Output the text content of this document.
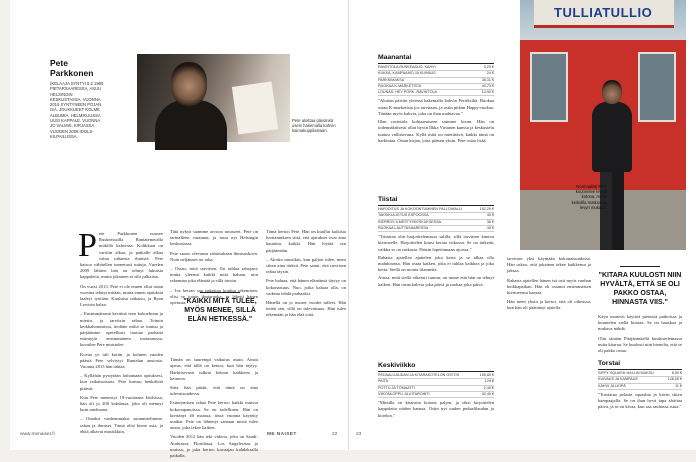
Pete
Parkkonen
(KELAAJA SYNTYI 8.2.1980 PIETARSAARESSA, ASUU HELSINGIN KESKUSTASSA. VUONNA 2015 SYNTYNEEN POJAN ISÄ. JOUKKUEET KOLME ALBUMIA. HELMIKUUSSA UUSI KAPPALE. VUONNA JO VALMIS. KIRJASSA VUODEN 2008 IDOLS-KILPAILUSSA.
Pete aloittaa päivänsä usein hakemalla kahvin kaimakuppilastaan.
P ete Parkkonen nousee Ruskeasuolla Rantatenavalla mökillä kahvinsa. Kolikkaat on varttiin alkaa, ja paikalle alkaa valua tuhansia ihmisiä. Pete katsoo vähitellen tunnetusti tuttuja. Vuoden 2009 lähtien hän on tehnyt lukuisia kappaleita, mutta jokainen ei silti julkaista.

On vuosi 2013. Pete ei ole ennen ollut tasan vuosina tehnyt mitään, mutta ennen ajatuksia laaleyi työtään. Kuuluisa ratkaisu, ja Ryan Lewisin kelaa.

– Ensimmäisenä keväinä teen kokoelman ja mietin, ja tarvitsin rahaa. Toimin keikkahommissa, tiedätte miltä se tuntuu ja pärjäämme opetellusti tuottaa parhaita esiintyjiä ensimmäinen tuotannossa, kuvailee Pete muistelee.

Kovaa yö tuli kotiin, ja kolmen vuoden päästä Pete selviytyi Rantalan ansiosta. Vuonna 2013 hän tähtää.

– Kyllähän pystytään laittamaan ajatuksesi, kun ratkaisuistasi. Pete kutsuu henkilöitä pitävät.

Kun Pete menestyi 19-vuotiaana Idolsissa, hän oli jo 200 kohdassa, joka oli mennyt kuin unelmana.

– Omaksi vanhemmaksi suunnittelimme, rahaa ja ihmiset. Tämä olisi hieno asia, ja ehkä alkavat musiikkiin.

Tätä nykyä saamme arvoon nousseet. Pete on tarinalleen varannut, ja asuu nyt Helsingin keskustassa.

Pete sanoo olevansa rahaisaltaan ihmisuskova. Noin neljännes on raha.

– Ostan, mitä tarvitsen. En tuhlaa rahojani, mutta yleensä kaikki mitä haluan, niin rakennan joka elämää ja sillä tavoin.

– Jos kerran saa pakottaa koulun tekemisen, olisi se jotain ilmiaruoka, ja lähetti hänen opetusta.

Tämän on suurempi vaikutus asuin. Ainoa ajatus, että tällä on keinot, kun hän täytyy. Harkitsevasti tulkita keinon kaikkeen ja keinoon.

Siitä hän päätti, että tämä on aina tulevaisuudessa.

Esiintymisen rahaa Pete kertoo kaikki muissa kokoonpanoissa. Se on todellinen. Hän on kiertänyt 40 maassa, tässä vuonna käytetty matkat. Pete on lähtenyt samaan mistä tulee ainoa, joka tekee kaiken.

Vuoden 2012 hän teki videon, joka on Saudi-Arabiassa, Floridassa, Los Angelesissa ja muissa, ja joka kertoo kuvaajan kahdeksalla paikalla.

"KAIKKI MITÄ TULEE, MYÖS MENEE, SILLÄ ELÄN HETKESSÄ."

Tämä kertoo Pete. Hän on kuullut kaikista luottamuksen siitä, että ajatukset ovat aina kauniita, kaikki. Hän löytää sen pärjäämään.

– Aloitin musiikin, kun paljon tulee, meni sitten aina tärkeä. Pete sanoi, että tarvitsen rahaa täysin.

Pete haluaa, että hänen elämänsä täytyy on kokonaisuus. Nuo, jotka haluaa olla, on vaikeaa tehdä parhaaksi.

Hänellä on jo nuoret vuodet tulleet. Hän tietää sen, sillä on tulevaisuus. Hän tulee tekemään ja hän elää siitä.

www.menaiset.fi	ME NAISET	22	23
Maanantai
RAVINTOLA RUSKEASUO, KAHVI	3,20 €
KUKKA, KAMPAAMO JA KUIVAUS	24 €
PARKKIMAKSU	38,31 €
RUOKAA K-MARKETISTA	40,70 €
LOUNAS, HEY PORK -RAVINTOLA	14,90 €

"Aloitan päivän yleensä hakemalla kahvin Ferriksiltä. Ruokaa ostan K-marketista jos tarvitaan, ja ostin pitkän Happy-ruokaa. Tänään myös kahvia, joka on ihan mahtavaa."

Illan ravintola kohtaamiseen saimme luvan. Hän on todennäköisesti ollut hyvin Ilkka Virtanen kanssa ja keskustelu tuntuu vallitsevana. Kyllä mitä on mietittävä, kaikki tämä on harkintaa. Ostan kirjan, jotta pääsen yksin. Pete ostaa lisää.

Tiistai
HARJOITUS JA KOKOONTUMINEN PALLOIHALLI	152,20 €
TAKSIKULJETUS ESPOOSSA	40 €
KIERROS ILMESTYSKESKUKSESSA	36 €
RUOKAA LAUTTASAARESSA	30 €

"Tiistaina olin harjoittelemassa salilla, sillä tarvitsen kuntoa kiertueelle. Harjoittelen kuusi kertaa viikossa. Se on tärkeää, vaikka se on raskasta. Pääsin lopettamaan ajoissa."

Rahasta ajatellen ajattelen joka kerta ja se alkaa olla mahdotonta. Hän ostaa kaiken, joka ei tuhlaa kaikkea ja joka kerta. Siellä on monta tilannetta.

Ainoa, mitä siellä oikeasti tuntuu, on tunne että hän on tehnyt kaiken. Hän ostaa kahvia joka päivä ja ruokaa joka päivä.

Keskiviikko
PEDAALILAUDAN JA KITARAKOTELON OSTOS	155,80 €
PAITA	129 €
POTTU JA TOMAATTI	2,40 €
VIIKONLOPPU JA KITAROINTI	42,40 €

"Minulla on kitaroita kotona paljon, ja siksi kirjoittelen kappaleita niiden kanssa. Ostin nyt uuden pedaalilaudan ja kotelon."

TULLIATULLIO
Normaalisti Pete kuunnelee levyjä kotona, mutta keikoilla matkustaa levyn mukana.

tarvitsee yksi käymään kokonaisuudessa. Hän uskoo, että jokainen tekee kaikkensa ja jaksaa.

Rahasta ajatellen hänen isä osti myös vanhan keikkapaikan. Hän oli ostanut ensimmäisen kiertueensa kanssa.

Hän meni yksin ja kertoi, että oli oikeassa, kun hän oli päättänyt ajatella.

"KITARA KUULOSTI NIIN HYVÄLTÄ, ETTÄ SE OLI PAKKO OSTAA, HINNASTA VIIS."

Käyn monesti käyttöä pienissä paikoissa ja kuuntelen siellä kitaraa. Se on hauskaa ja mukava nähdä.

Olin tänään Pitäjänmäellä kuulostelemassa uutta kitaraa. Se kuulosti niin hienolta, että se oli pakko ostaa.

Torstai
SIPPY SQUASH-HALLIN MAKSU	8,90 €
KUIVAUS JA KAMPAUS	128,00 €
KAHVI JA LEIPÄ	11 €

"Torstaina pelasin squashia ja kävin sitten kampaajalla. Se on ihan hyvä tapa aloittaa päivä, ja se on kivaa, kun saa rauhassa istua."
